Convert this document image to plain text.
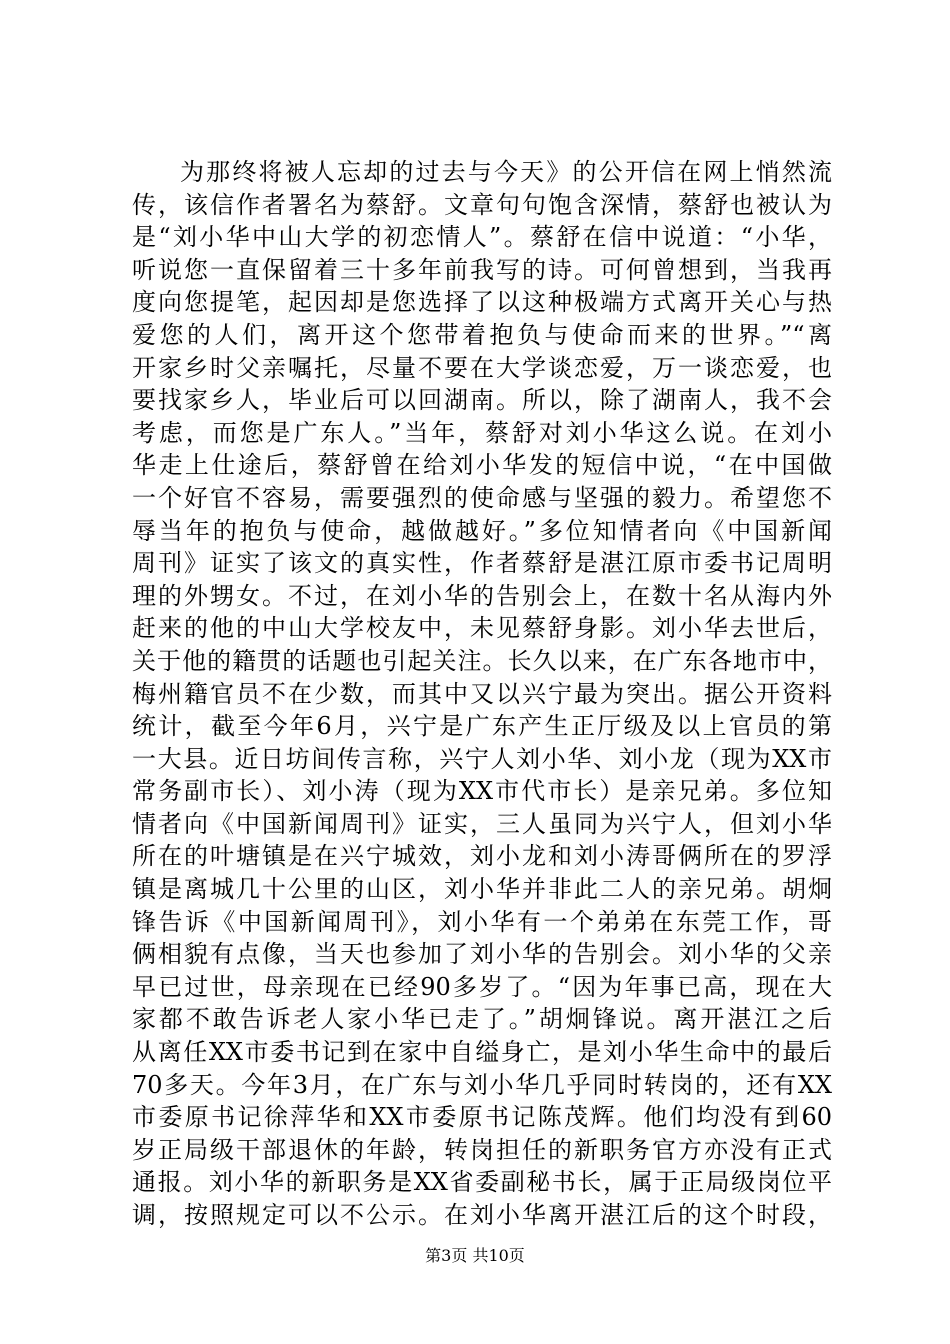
为那终将被人忘却的过去与今天》的公开信在网上悄然流
传，该信作者署名为蔡舒。文章句句饱含深情，蔡舒也被认为
是“刘小华中山大学的初恋情人”。蔡舒在信中说道：“小华，
听说您一直保留着三十多年前我写的诗。可何曾想到，当我再
度向您提笔，起因却是您选择了以这种极端方式离开关心与热
爱您的人们，离开这个您带着抱负与使命而来的世界。”“离
开家乡时父亲嘱托，尽量不要在大学谈恋爱，万一谈恋爱，也
要找家乡人，毕业后可以回湖南。所以，除了湖南人，我不会
考虑，而您是广东人。”当年，蔡舒对刘小华这么说。在刘小
华走上仕途后，蔡舒曾在给刘小华发的短信中说，“在中国做
一个好官不容易，需要强烈的使命感与坚强的毅力。希望您不
辱当年的抱负与使命，越做越好。”多位知情者向《中国新闻
周刊》证实了该文的真实性，作者蔡舒是湛江原市委书记周明
理的外甥女。不过，在刘小华的告别会上，在数十名从海内外
赶来的他的中山大学校友中，未见蔡舒身影。刘小华去世后，
关于他的籍贯的话题也引起关注。长久以来，在广东各地市中，
梅州籍官员不在少数，而其中又以兴宁最为突出。据公开资料
统计，截至今年6月，兴宁是广东产生正厅级及以上官员的第
一大县。近日坊间传言称，兴宁人刘小华、刘小龙（现为XX市
常务副市长）、刘小涛（现为XX市代市长）是亲兄弟。多位知
情者向《中国新闻周刊》证实，三人虽同为兴宁人，但刘小华
所在的叶塘镇是在兴宁城效，刘小龙和刘小涛哥俩所在的罗浮
镇是离城几十公里的山区，刘小华并非此二人的亲兄弟。胡炯
锋告诉《中国新闻周刊》，刘小华有一个弟弟在东莞工作，哥
俩相貌有点像，当天也参加了刘小华的告别会。刘小华的父亲
早已过世，母亲现在已经90多岁了。“因为年事已高，现在大
家都不敢告诉老人家小华已走了。”胡炯锋说。离开湛江之后
从离任XX市委书记到在家中自缢身亡，是刘小华生命中的最后
70多天。今年3月，在广东与刘小华几乎同时转岗的，还有XX
市委原书记徐萍华和XX市委原书记陈茂辉。他们均没有到60
岁正局级干部退休的年龄，转岗担任的新职务官方亦没有正式
通报。刘小华的新职务是XX省委副秘书长，属于正局级岗位平
调，按照规定可以不公示。在刘小华离开湛江后的这个时段，
第3页 共10页
